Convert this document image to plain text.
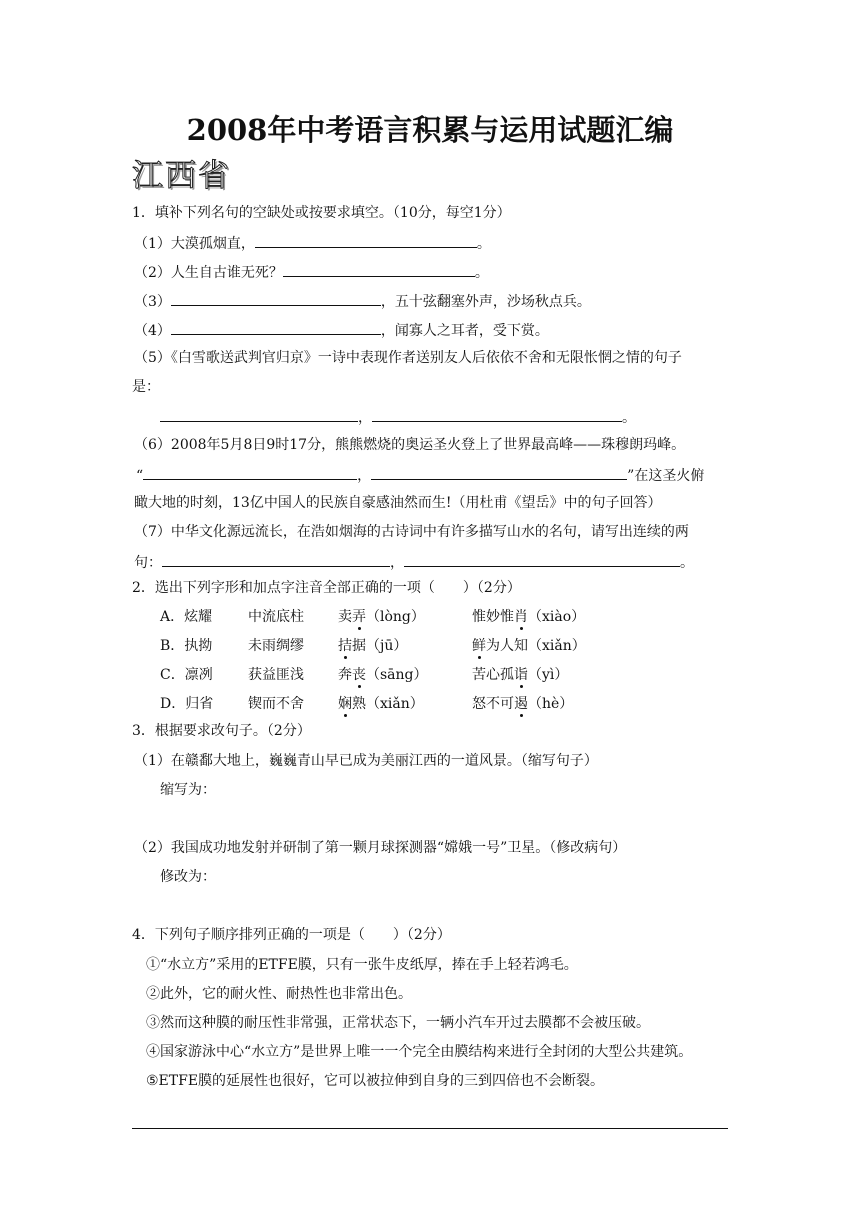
2008年中考语言积累与运用试题汇编
江西省
1．填补下列名句的空缺处或按要求填空。（10分，每空1分）
（1）大漠孤烟直，	。
（2）人生自古谁无死？	。
（3）	，五十弦翻塞外声，沙场秋点兵。
（4）	，闻寡人之耳者，受下赏。
（5）《白雪歌送武判官归京》一诗中表现作者送别友人后依依不舍和无限怅惘之情的句子
是：
，	。
（6）2008年5月8日9时17分，熊熊燃烧的奥运圣火登上了世界最高峰——珠穆朗玛峰。
“	，	”在这圣火俯
瞰大地的时刻，13亿中国人的民族自豪感油然而生!（用杜甫《望岳》中的句子回答）
（7）中华文化源远流长，在浩如烟海的古诗词中有许多描写山水的名句，请写出连续的两
句：	，	。
2．选出下列字形和加点字注音全部正确的一项（　　）（2分）
A．炫耀	中流底柱 卖弄（lòng）	惟妙惟肖（xiào）
B．执拗	未雨绸缪 拮据（jū）	鲜为人知（xiǎn）
C．凛冽	获益匪浅 奔丧（sāng）	苦心孤诣（yì）
D．归省 锲而不舍 娴熟（xiǎn）	怒不可遏（hè）
3．根据要求改句子。（2分）
（1）在赣鄱大地上，巍巍青山早已成为美丽江西的一道风景。（缩写句子）
缩写为：
（2）我国成功地发射并研制了第一颗月球探测器“嫦娥一号”卫星。（修改病句）
修改为：
4．下列句子顺序排列正确的一项是（　　）（2分）
①“水立方”采用的ETFE膜，只有一张牛皮纸厚，捧在手上轻若鸿毛。
②此外，它的耐火性、耐热性也非常出色。
③然而这种膜的耐压性非常强，正常状态下，一辆小汽车开过去膜都不会被压破。
④国家游泳中心“水立方”是世界上唯一一个完全由膜结构来进行全封闭的大型公共建筑。
⑤ETFE膜的延展性也很好，它可以被拉伸到自身的三到四倍也不会断裂。
